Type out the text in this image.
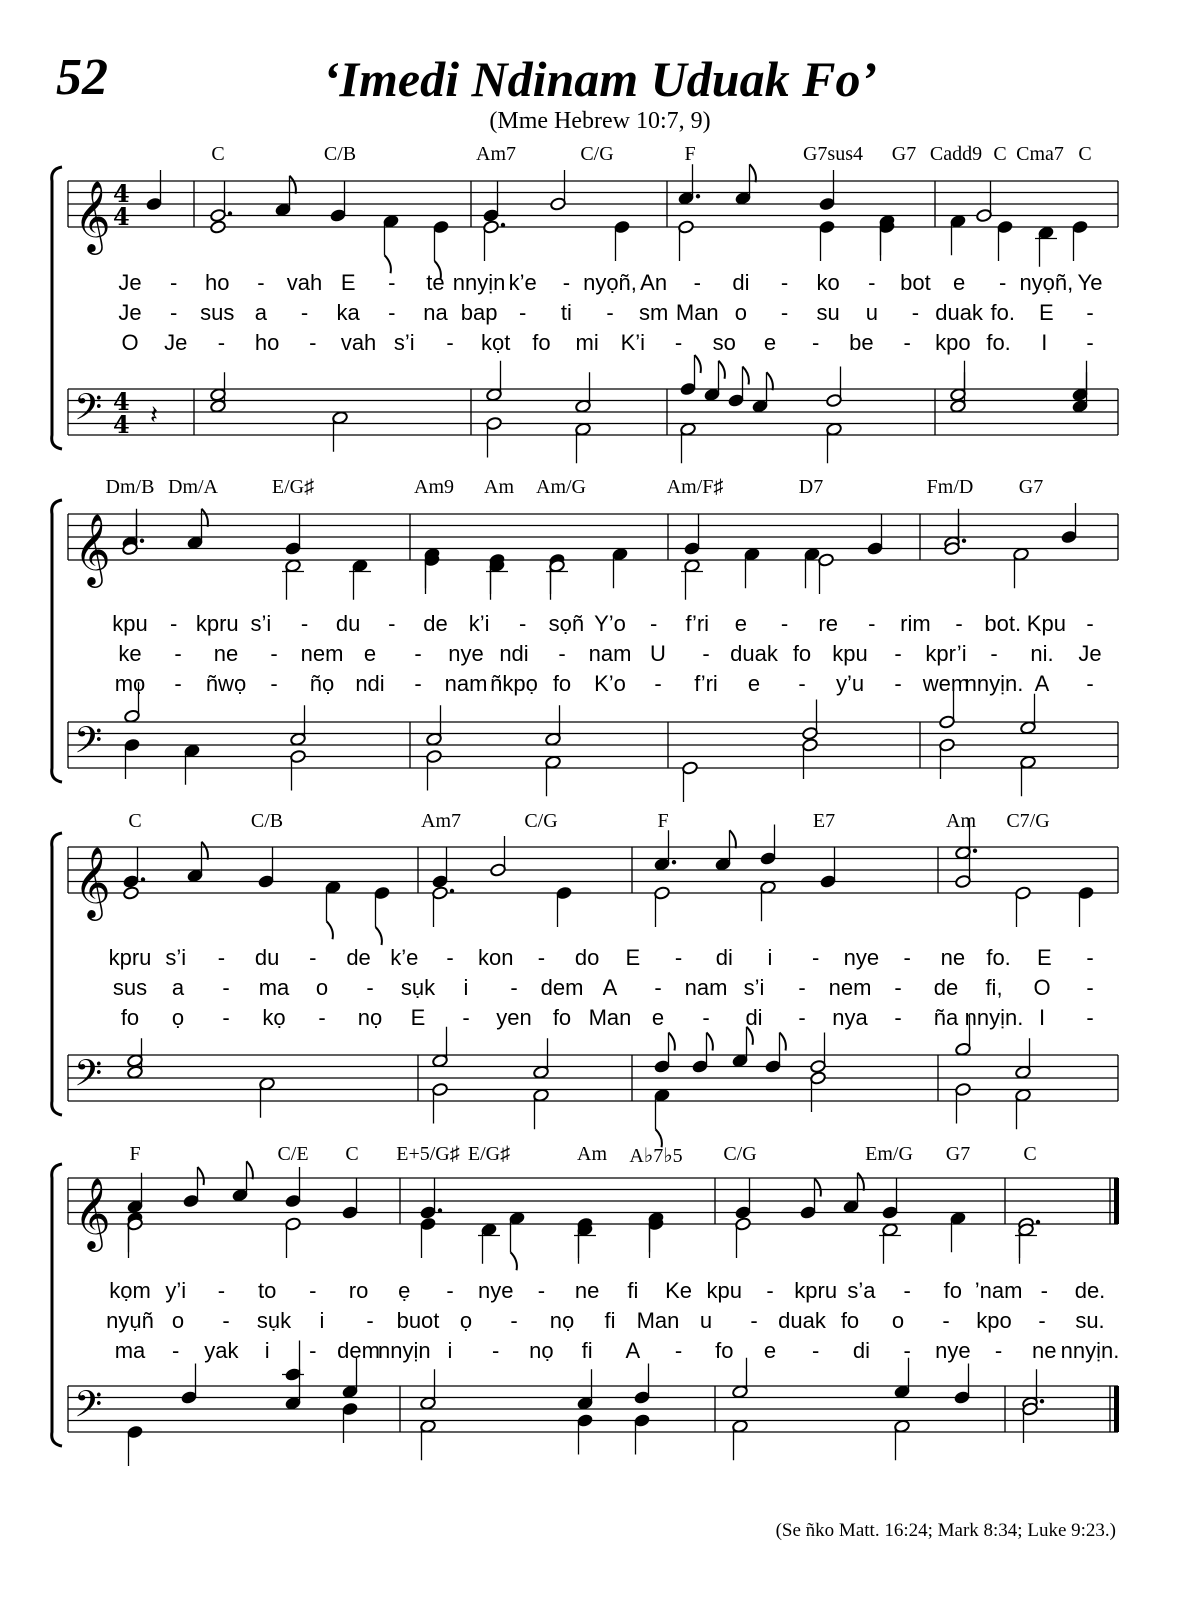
52	‘Imedi Ndinam Uduak Fo’
(Mme Hebrew 10:7, 9)
𝄞 4
4
𝄢 4
4 𝄽
𝄞
𝄢
𝄞
𝄢
𝄞
𝄢
C	C/B	Am7	C/G	F	G7sus4 G7 Cadd9 C Cma7 C
Je - ho - vah E - te nnyịn k’e - nyọñ, An - di - ko - bot e - nyọñ, Ye
Je - sus a - ka - na bap - ti - sm Man o - su u - duak fo. E -
O Je - ho - vah s’i - kọt fo mi K’i - so e - be - kpo fo. I -
Dm/B Dm/A	E/G♯	Am9 Am Am/G	Am/F♯	D7	Fm/D G7
kpu - kpru s’i - du - de k’i - sọñ Y’o - f’ri e - re - rim - bot. Kpu -
ke - ne - nem e - nye ndi - nam U - duak fo kpu - kpr’i - ni. Je
mọ - ñwọ - ñọ ndi - nam ñkpọ fo K’o - f’ri e - y’u - wem
nnyịn. A -
C	C/B	Am7	C/G	F	E7	Am C7/G
kpru s’i - du - de k’e - kon - do E - di i - nye - ne fo. E -
sus a - ma o - sụk i - dem A - nam s’i - nem - de fi, O -
fo ọ - kọ - nọ E - yen fo Man e - di - nya - ña nnyịn. I -
F	C/E C E+5/G♯ E/G♯	Am A♭7♭5 C/G	Em/G G7	C
kọm y’i - to - ro ẹ - nye - ne fi Ke kpu - kpru s’a - fo ’nam - de.
nyụñ o - sụk i - buot ọ - nọ fi Man u - duak fo o - kpo - su.
ma - yak i - dem
nnyịn i - nọ fi A - fo e - di - nye - ne nnyịn.
(Se ñko Matt. 16:24; Mark 8:34; Luke 9:23.)
